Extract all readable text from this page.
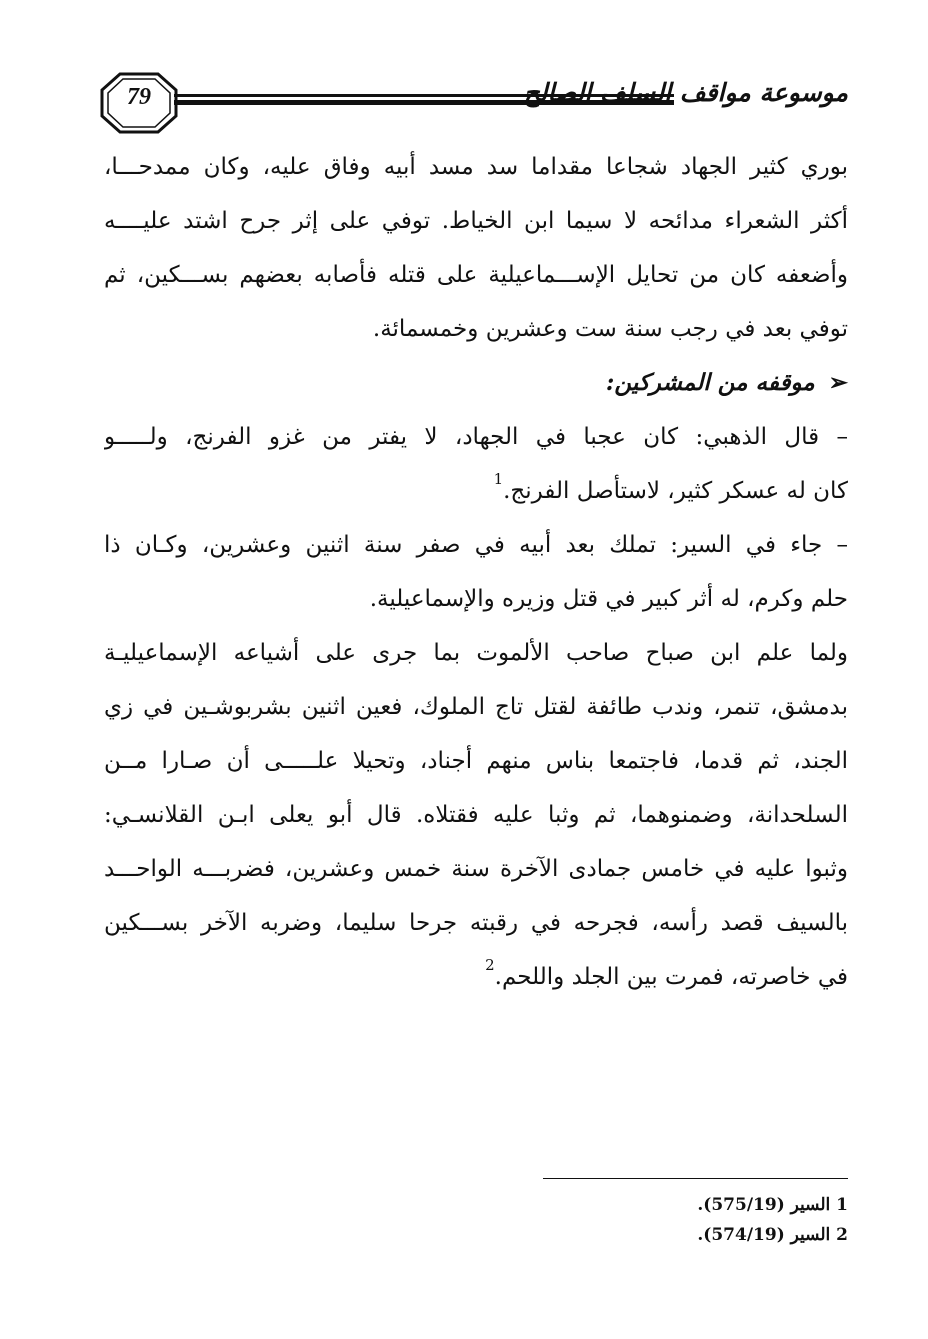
79	موسوعة مواقف السلف الصالح
بوري كثير الجهاد شجاعا مقداما سد مسد أبيه وفاق عليه، وكان ممدحـــا،
أكثر الشعراء مدائحه لا سيما ابن الخياط. توفي على إثر جرح اشتد عليــــه
وأضعفه كان من تحايل الإســـماعيلية على قتله فأصابه بعضهم بســـكين، ثم
توفي بعد في رجب سنة ست وعشرين وخمسمائة.
➢موقفه من المشركين:
– قال الذهبي: كان عجبا في الجهاد، لا يفتر من غزو الفرنج، ولـــــو
كان له عسكر كثير، لاستأصل الفرنج.$^1$
– جاء في السير: تملك بعد أبيه في صفر سنة اثنين وعشرين، وكـان ذا
حلم وكرم، له أثر كبير في قتل وزيره والإسماعيلية.
ولما علم ابن صباح صاحب الألموت بما جرى على أشياعه الإسماعيليـة
بدمشق، تنمر، وندب طائفة لقتل تاج الملوك، فعين اثنين بشربوشـين في زي
الجند، ثم قدما، فاجتمعا بناس منهم أجناد، وتحيلا علـــــى أن صـارا مــن
السلحدانة، وضمنوهما، ثم وثبا عليه فقتلاه. قال أبو يعلى ابـن القلانسـي:
وثبوا عليه في خامس جمادى الآخرة سنة خمس وعشرين، فضربـــه الواحـــد
بالسيف قصد رأسه، فجرحه في رقبته جرحا سليما، وضربه الآخر بســـكين
في خاصرته، فمرت بين الجلد واللحم.$^2$
1 السير (575/19).
2 السير (574/19).
